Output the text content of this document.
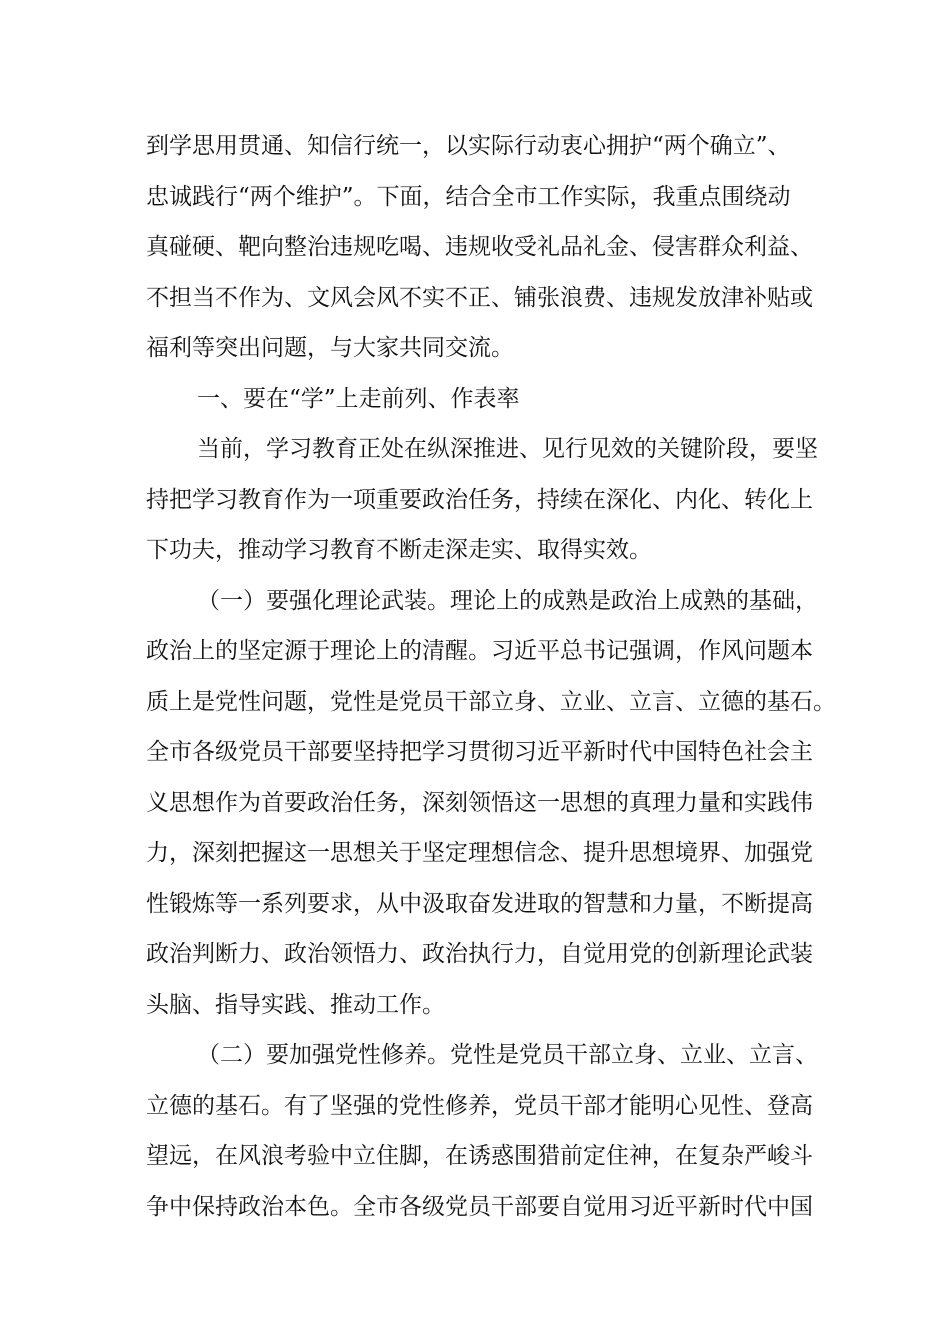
到学思用贯通、知信行统一，以实际行动衷心拥护“两个确立”、
忠诚践行“两个维护”。下面，结合全市工作实际，我重点围绕动
真碰硬、靶向整治违规吃喝、违规收受礼品礼金、侵害群众利益、
不担当不作为、文风会风不实不正、铺张浪费、违规发放津补贴或
福利等突出问题，与大家共同交流。
一、要在“学”上走前列、作表率
当前，学习教育正处在纵深推进、见行见效的关键阶段，要坚
持把学习教育作为一项重要政治任务，持续在深化、内化、转化上
下功夫，推动学习教育不断走深走实、取得实效。
（一）要强化理论武装。理论上的成熟是政治上成熟的基础，
政治上的坚定源于理论上的清醒。习近平总书记强调，作风问题本
质上是党性问题，党性是党员干部立身、立业、立言、立德的基石。
全市各级党员干部要坚持把学习贯彻习近平新时代中国特色社会主
义思想作为首要政治任务，深刻领悟这一思想的真理力量和实践伟
力，深刻把握这一思想关于坚定理想信念、提升思想境界、加强党
性锻炼等一系列要求，从中汲取奋发进取的智慧和力量，不断提高
政治判断力、政治领悟力、政治执行力，自觉用党的创新理论武装
头脑、指导实践、推动工作。
（二）要加强党性修养。党性是党员干部立身、立业、立言、
立德的基石。有了坚强的党性修养，党员干部才能明心见性、登高
望远，在风浪考验中立住脚，在诱惑围猎前定住神，在复杂严峻斗
争中保持政治本色。全市各级党员干部要自觉用习近平新时代中国
